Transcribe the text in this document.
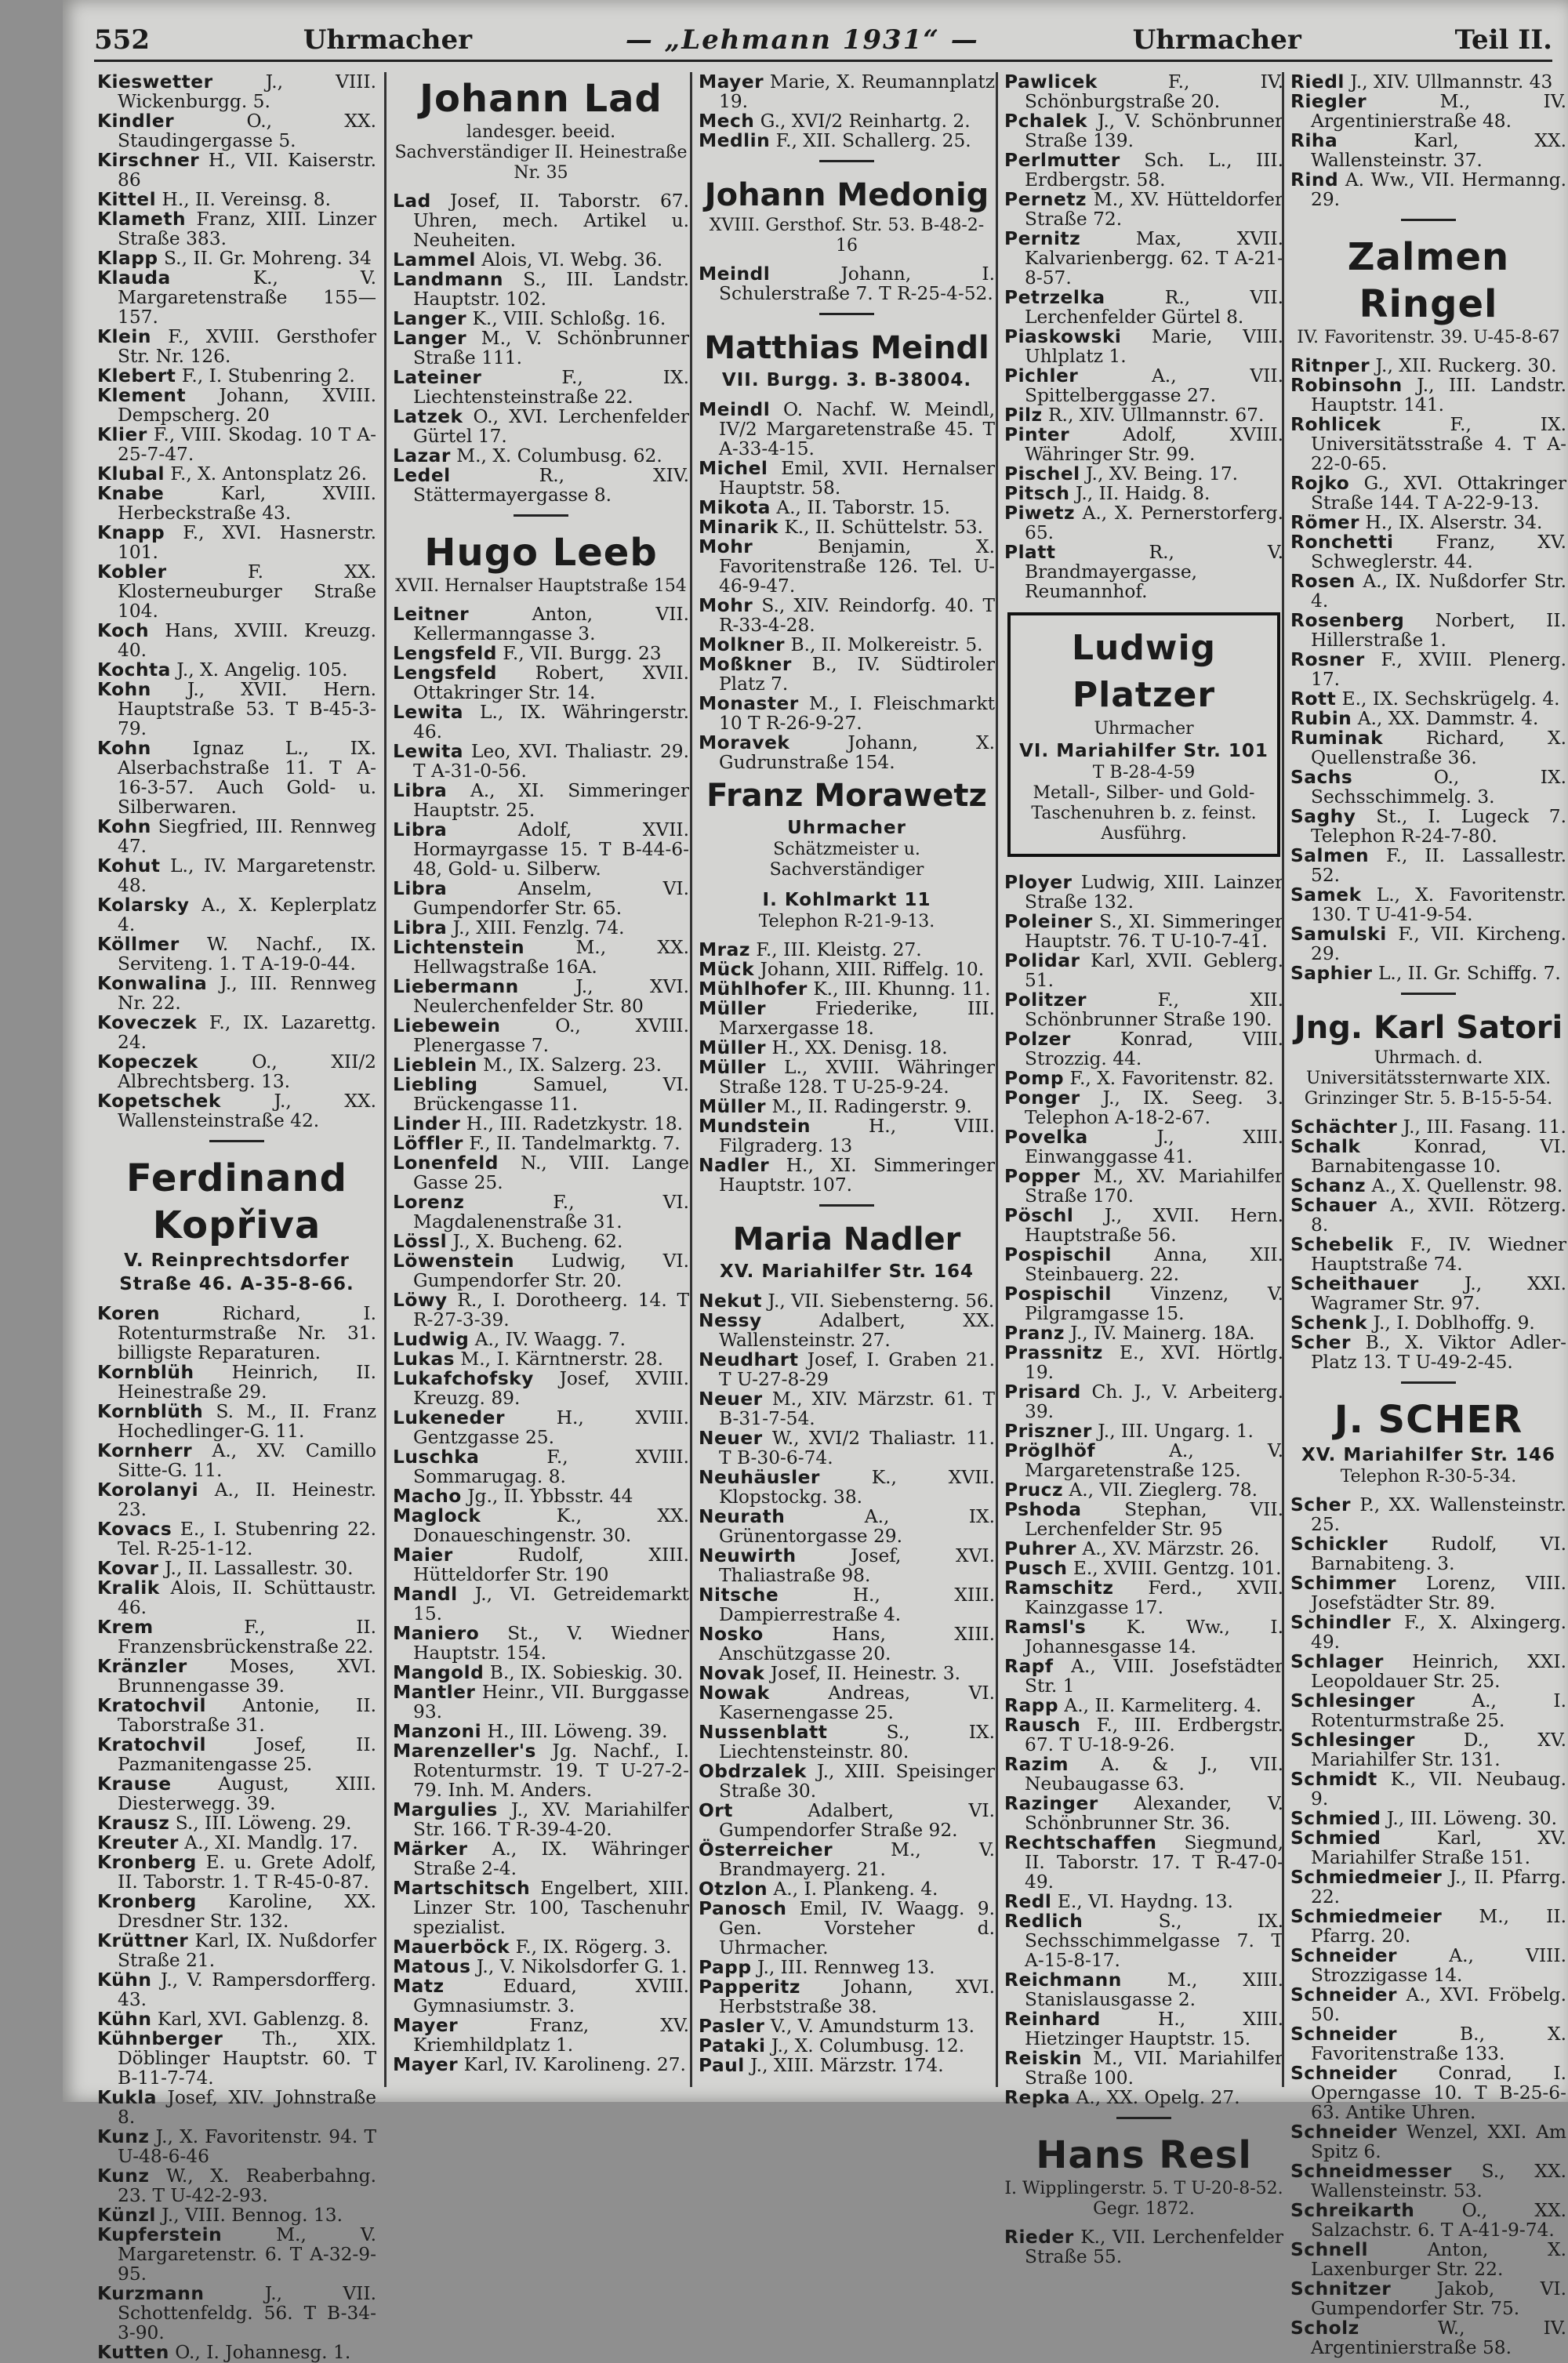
552	Uhrmacher	— „Lehmann 1931“ —	Uhrmacher	Teil II.

Kieswetter	J., VIII. Wickenburgg. 5.

Kindler	O., XX. Staudingergasse 5.

Kirschner H., VII. Kaiserstr. 86

Kittel H., II. Vereinsg. 8.

Klameth Franz, XIII. Linzer Straße 383.

Klapp S., II. Gr. Mohreng. 34

Klauda	K., V. Margaretenstraße 155—157.

Klein F., XVIII. Gersthofer Str. Nr. 126.

Klebert F., I. Stubenring 2.

Klement Johann, XVIII. Dempscherg. 20

Klier F., VIII. Skodag. 10 T A-25-7-47.

Klubal F., X. Antonsplatz 26.

Knabe	Karl, XVIII. Herbeckstraße 43.

Knapp F., XVI. Hasnerstr. 101.

Kobler	F. XX. Klosterneuburger Straße 104.

Koch Hans, XVIII. Kreuzg. 40.

Kochta J., X. Angelig. 105.

Kohn J., XVII. Hern. Hauptstraße 53. T B-45-3-79.

Kohn Ignaz L., IX. Alserbachstraße 11. T A-16-3-57. Auch Gold- u. Silberwaren.

Kohn Siegfried, III. Rennweg 47.

Kohut L., IV. Margaretenstr. 48.

Kolarsky A., X. Keplerplatz 4.

Köllmer W. Nachf., IX. Serviteng. 1. T A-19-0-44.

Konwalina J., III. Rennweg Nr. 22.

Koveczek F., IX. Lazarettg. 24.

Kopeczek	O., XII/2 Albrechtsberg. 13.

Kopetschek	J., XX. Wallensteinstraße 42.

Ferdinand Kopřiva
V. Reinprechtsdorfer Straße 46. A-35-8-66.

Koren	Richard, I. Rotenturmstraße Nr. 31. billigste Reparaturen.

Kornblüh Heinrich, II. Heinestraße 29.

Kornblüth S. M., II. Franz Hochedlinger-G. 11.

Kornherr A., XV. Camillo Sitte-G. 11.

Korolanyi A., II. Heinestr. 23.

Kovacs E., I. Stubenring 22. Tel. R-25-1-12.

Kovar J., II. Lassallestr. 30.

Kralik Alois, II. Schüttaustr. 46.

Krem	F., II. Franzensbrückenstraße 22.

Kränzler Moses, XVI. Brunnengasse 39.

Kratochvil Antonie, II. Taborstraße 31.

Kratochvil	Josef, II. Pazmanitengasse 25.

Krause	August, XIII. Diesterwegg. 39.

Krausz S., III. Löweng. 29.

Kreuter A., XI. Mandlg. 17.

Kronberg E. u. Grete Adolf, II. Taborstr. 1. T R-45-0-87.

Kronberg Karoline, XX. Dresdner Str. 132.

Krüttner Karl, IX. Nußdorfer Straße 21.

Kühn J., V. Rampersdorfferg. 43.

Kühn Karl, XVI. Gablenzg. 8.

Kühnberger Th., XIX. Döblinger Hauptstr. 60. T B-11-7-74.

Kukla Josef, XIV. Johnstraße 8.

Kunz J., X. Favoritenstr. 94. T U-48-6-46

Kunz W., X. Reaberbahng. 23. T U-42-2-93.

Künzl J., VIII. Bennog. 13.

Kupferstein	M., V. Margaretenstr. 6. T A-32-9-95.

Kurzmann	J., VII. Schottenfeldg. 56. T B-34-3-90.

Kutten O., I. Johannesg. 1.

Johann Lad
landesger. beeid. Sachverständiger II. Heinestraße Nr. 35

Lad Josef, II. Taborstr. 67. Uhren, mech. Artikel u. Neuheiten.

Lammel Alois, VI. Webg. 36.

Landmann S., III. Landstr. Hauptstr. 102.

Langer K., VIII. Schloßg. 16.

Langer M., V. Schönbrunner Straße 111.

Lateiner	F., IX. Liechtensteinstraße 22.

Latzek O., XVI. Lerchenfelder Gürtel 17.

Lazar M., X. Columbusg. 62.

Ledel	R., XIV. Stättermayergasse 8.

Hugo Leeb
XVII. Hernalser Hauptstraße 154

Leitner	Anton, VII. Kellermanngasse 3.

Lengsfeld F., VII. Burgg. 23

Lengsfeld Robert, XVII. Ottakringer Str. 14.

Lewita L., IX. Währingerstr. 46.

Lewita Leo, XVI. Thaliastr. 29. T A-31-0-56.

Libra A., XI. Simmeringer Hauptstr. 25.

Libra	Adolf, XVII. Hormayrgasse 15. T B-44-6-48, Gold- u. Silberw.

Libra	Anselm, VI. Gumpendorfer Str. 65.

Libra J., XIII. Fenzlg. 74.

Lichtenstein	M., XX. Hellwagstraße 16A.

Liebermann	J., XVI. Neulerchenfelder Str. 80

Liebewein	O., XVIII. Plenergasse 7.

Lieblein M., IX. Salzerg. 23.

Liebling	Samuel, VI. Brückengasse 11.

Linder H., III. Radetzkystr. 18.

Löffler F., II. Tandelmarktg. 7.

Lonenfeld N., VIII. Lange Gasse 25.

Lorenz	F., VI. Magdalenenstraße 31.

Lössl J., X. Bucheng. 62.

Löwenstein Ludwig, VI. Gumpendorfer Str. 20.

Löwy R., I. Dorotheerg. 14. T R-27-3-39.

Ludwig A., IV. Waagg. 7.

Lukas M., I. Kärntnerstr. 28.

Lukafchofsky Josef, XVIII. Kreuzg. 89.

Lukeneder	H., XVIII. Gentzgasse 25.

Luschka	F., XVIII. Sommarugag. 8.

Macho Jg., II. Ybbsstr. 44

Maglock	K., XX. Donaueschingenstr. 30.

Maier	Rudolf, XIII. Hütteldorfer Str. 190

Mandl J., VI. Getreidemarkt 15.

Maniero St., V. Wiedner Hauptstr. 154.

Mangold B., IX. Sobieskig. 30.

Mantler Heinr., VII. Burggasse 93.

Manzoni H., III. Löweng. 39.

Marenzeller's Jg. Nachf., I. Rotenturmstr. 19. T U-27-2-79. Inh. M. Anders.

Margulies J., XV. Mariahilfer Str. 166. T R-39-4-20.

Märker A., IX. Währinger Straße 2-4.

Martschitsch Engelbert, XIII. Linzer Str. 100, Taschenuhr spezialist.

Mauerböck F., IX. Rögerg. 3.

Matous J., V. Nikolsdorfer G. 1.

Matz	Eduard, XVIII. Gymnasiumstr. 3.

Mayer	Franz, XV. Kriemhildplatz 1.

Mayer Karl, IV. Karolineng. 27.

Mayer Marie, X. Reumannplatz 19.

Mech G., XVI/2 Reinhartg. 2.

Medlin F., XII. Schallerg. 25.

Johann Medonig
XVIII. Gersthof. Str. 53. B-48-2-16

Meindl	Johann, I. Schulerstraße 7. T R-25-4-52.

Matthias Meindl
VII. Burgg. 3. B-38004.

Meindl O. Nachf. W. Meindl, IV/2 Margaretenstraße 45. T A-33-4-15.

Michel Emil, XVII. Hernalser Hauptstr. 58.

Mikota A., II. Taborstr. 15.

Minarik K., II. Schüttelstr. 53.

Mohr	Benjamin, X. Favoritenstraße 126. Tel. U-46-9-47.

Mohr S., XIV. Reindorfg. 40. T R-33-4-28.

Molkner B., II. Molkereistr. 5.

Moßkner B., IV. Südtiroler Platz 7.

Monaster M., I. Fleischmarkt 10 T R-26-9-27.

Moravek	Johann, X. Gudrunstraße 154.

Franz Morawetz
Uhrmacher
Schätzmeister u. Sachverständiger
I. Kohlmarkt 11
Telephon R-21-9-13.

Mraz F., III. Kleistg. 27.

Mück Johann, XIII. Riffelg. 10.

Mühlhofer K., III. Khunng. 11.

Müller	Friederike, III. Marxergasse 18.

Müller H., XX. Denisg. 18.

Müller L., XVIII. Währinger Straße 128. T U-25-9-24.

Müller M., II. Radingerstr. 9.

Mundstein	H., VIII. Filgraderg. 13

Nadler H., XI. Simmeringer Hauptstr. 107.

Maria Nadler
XV. Mariahilfer Str. 164

Nekut J., VII. Siebensterng. 56.

Nessy	Adalbert, XX. Wallensteinstr. 27.

Neudhart Josef, I. Graben 21. T U-27-8-29

Neuer M., XIV. Märzstr. 61. T B-31-7-54.

Neuer W., XVI/2 Thaliastr. 11. T B-30-6-74.

Neuhäusler	K., XVII. Klopstockg. 38.

Neurath	A., IX. Grünentorgasse 29.

Neuwirth	Josef, XVI. Thaliastraße 98.

Nitsche	H., XIII. Dampierrestraße 4.

Nosko	Hans, XIII. Anschützgasse 20.

Novak Josef, II. Heinestr. 3.

Nowak	Andreas, VI. Kasernengasse 25.

Nussenblatt	S., IX. Liechtensteinstr. 80.

Obdrzalek J., XIII. Speisinger Straße 30.

Ort	Adalbert, VI. Gumpendorfer Straße 92.

Österreicher	M., V. Brandmayerg. 21.

Otzlon A., I. Plankeng. 4.

Panosch Emil, IV. Waagg. 9. Gen. Vorsteher d. Uhrmacher.

Papp J., III. Rennweg 13.

Papperitz Johann, XVI. Herbststraße 38.

Pasler V., V. Amundsturm 13.

Pataki J., X. Columbusg. 12.

Paul J., XIII. Märzstr. 174.

Pawlicek	F., IV. Schönburgstraße 20.

Pchalek J., V. Schönbrunner Straße 139.

Perlmutter Sch. L., III. Erdbergstr. 58.

Pernetz M., XV. Hütteldorfer Straße 72.

Pernitz	Max, XVII. Kalvarienbergg. 62. T A-21-8-57.

Petrzelka	R., VII. Lerchenfelder Gürtel 8.

Piaskowski Marie, VIII. Uhlplatz 1.

Pichler	A., VII. Spittelberggasse 27.

Pilz R., XIV. Ullmannstr. 67.

Pinter	Adolf, XVIII. Währinger Str. 99.

Pischel J., XV. Being. 17.

Pitsch J., II. Haidg. 8.

Piwetz A., X. Pernerstorferg. 65.

Platt	R., V. Brandmayergasse, Reumannhof.

Ludwig Platzer
Uhrmacher
VI. Mariahilfer Str. 101
T B-28-4-59
Metall-, Silber- und Gold-Taschenuhren b. z. feinst. Ausführg.

Ployer Ludwig, XIII. Lainzer Straße 132.

Poleiner S., XI. Simmeringer Hauptstr. 76. T U-10-7-41.

Polidar Karl, XVII. Geblerg. 51.

Politzer	F., XII. Schönbrunner Straße 190.

Polzer	Konrad, VIII. Strozzig. 44.

Pomp F., X. Favoritenstr. 82.

Ponger J., IX. Seeg. 3. Telephon A-18-2-67.

Povelka	J., XIII. Einwanggasse 41.

Popper M., XV. Mariahilfer Straße 170.

Pöschl J., XVII. Hern. Hauptstraße 56.

Pospischil Anna, XII. Steinbauerg. 22.

Pospischil Vinzenz, V. Pilgramgasse 15.

Pranz J., IV. Mainerg. 18A.

Prassnitz E., XVI. Hörtlg. 19.

Prisard Ch. J., V. Arbeiterg. 39.

Priszner J., III. Ungarg. 1.

Pröglhöf	A., V. Margaretenstraße 125.

Prucz A., VII. Zieglerg. 78.

Pshoda Stephan, VII. Lerchenfelder Str. 95

Puhrer A., XV. Märzstr. 26.

Pusch E., XVIII. Gentzg. 101.

Ramschitz Ferd., XVII. Kainzgasse 17.

Ramsl's K. Ww., I. Johannesgasse 14.

Rapf A., VIII. Josefstädter Str. 1

Rapp A., II. Karmeliterg. 4.

Rausch F., III. Erdbergstr. 67. T U-18-9-26.

Razim A. & J., VII. Neubaugasse 63.

Razinger Alexander, V. Schönbrunner Str. 36.

Rechtschaffen Siegmund, II. Taborstr. 17. T R-47-0-49.

Redl E., VI. Haydng. 13.

Redlich	S., IX. Sechsschimmelgasse 7. T A-15-8-17.

Reichmann M., XIII. Stanislausgasse 2.

Reinhard	H., XIII. Hietzinger Hauptstr. 15.

Reiskin M., VII. Mariahilfer Straße 100.

Repka A., XX. Opelg. 27.

Hans Resl
I. Wipplingerstr. 5. T U-20-8-52. Gegr. 1872.

Rieder K., VII. Lerchenfelder Straße 55.

Riedl J., XIV. Ullmannstr. 43

Riegler	M., IV. Argentinierstraße 48.

Riha	Karl, XX. Wallensteinstr. 37.

Rind A. Ww., VII. Hermanng. 29.

Zalmen Ringel
IV. Favoritenstr. 39. U-45-8-67

Ritnper J., XII. Ruckerg. 30.

Robinsohn J., III. Landstr. Hauptstr. 141.

Rohlicek	F., IX. Universitätsstraße 4. T A-22-0-65.

Rojko G., XVI. Ottakringer Straße 144. T A-22-9-13.

Römer H., IX. Alserstr. 34.

Ronchetti Franz, XV. Schweglerstr. 44.

Rosen A., IX. Nußdorfer Str. 4.

Rosenberg Norbert, II. Hillerstraße 1.

Rosner F., XVIII. Plenerg. 17.

Rott E., IX. Sechskrügelg. 4.

Rubin A., XX. Dammstr. 4.

Ruminak Richard, X. Quellenstraße 36.

Sachs	O., IX. Sechsschimmelg. 3.

Saghy St., I. Lugeck 7. Telephon R-24-7-80.

Salmen F., II. Lassallestr. 52.

Samek L., X. Favoritenstr. 130. T U-41-9-54.

Samulski F., VII. Kircheng. 29.

Saphier L., II. Gr. Schiffg. 7.

Jng. Karl Satori
Uhrmach. d. Universitätssternwarte XIX. Grinzinger Str. 5. B-15-5-54.

Schächter J., III. Fasang. 11.

Schalk	Konrad, VI. Barnabitengasse 10.

Schanz A., X. Quellenstr. 98.

Schauer A., XVII. Rötzerg. 8.

Schebelik F., IV. Wiedner Hauptstraße 74.

Scheithauer J., XXI. Wagramer Str. 97.

Schenk J., I. Doblhoffg. 9.

Scher B., X. Viktor Adler-Platz 13. T U-49-2-45.

J. SCHER
XV. Mariahilfer Str. 146
Telephon R-30-5-34.

Scher P., XX. Wallensteinstr. 25.

Schickler Rudolf, VI. Barnabiteng. 3.

Schimmer Lorenz, VIII. Josefstädter Str. 89.

Schindler F., X. Alxingerg. 49.

Schlager Heinrich, XXI. Leopoldauer Str. 25.

Schlesinger	A., I. Rotenturmstraße 25.

Schlesinger	D., XV. Mariahilfer Str. 131.

Schmidt K., VII. Neubaug. 9.

Schmied J., III. Löweng. 30.

Schmied	Karl, XV. Mariahilfer Straße 151.

Schmiedmeier J., II. Pfarrg. 22.

Schmiedmeier M., II. Pfarrg. 20.

Schneider	A., VIII. Strozzigasse 14.

Schneider A., XVI. Fröbelg. 50.

Schneider	B., X. Favoritenstraße 133.

Schneider Conrad, I. Operngasse 10. T B-25-6-63. Antike Uhren.

Schneider Wenzel, XXI. Am Spitz 6.

Schneidmesser S., XX. Wallensteinstr. 53.

Schreikarth	O., XX. Salzachstr. 6. T A-41-9-74.

Schnell	Anton, X. Laxenburger Str. 22.

Schnitzer	Jakob, VI. Gumpendorfer Str. 75.

Scholz	W., IV. Argentinierstraße 58.
